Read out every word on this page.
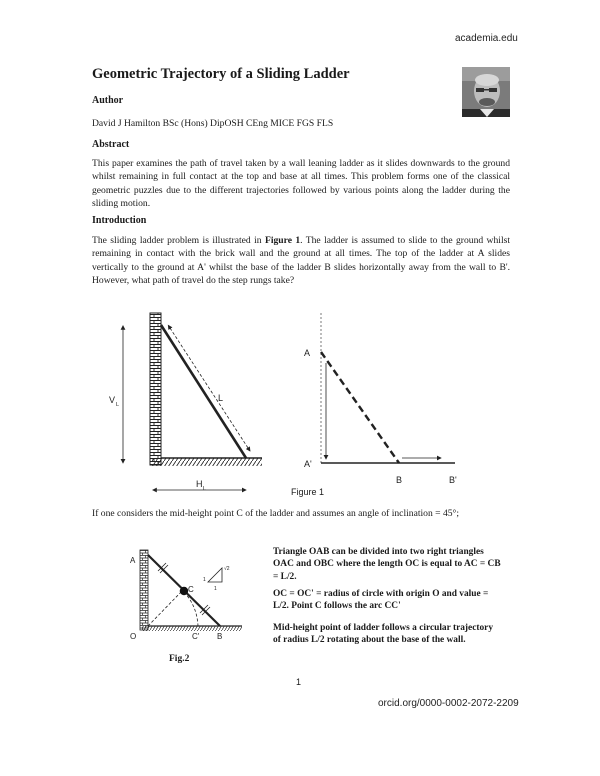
academia.edu
Geometric Trajectory of a Sliding Ladder
Author
David J Hamilton BSc (Hons) DipOSH CEng MICE FGS FLS
Abstract
This paper examines the path of travel taken by a wall leaning ladder as it slides downwards to the ground whilst remaining in full contact at the top and base at all times. This problem forms one of the classical geometric puzzles due to the different trajectories followed by various points along the ladder during the sliding motion.
Introduction
The sliding ladder problem is illustrated in Figure 1. The ladder is assumed to slide to the ground whilst remaining in contact with the brick wall and the ground at all times. The top of the ladder at A slides vertically to the ground at A' whilst the base of the ladder B slides horizontally away from the wall to B'. However, what path of travel do the step rungs take?
L
V L
H L
A
A'
B	B'
Figure 1
If one considers the mid-height point C of the ladder and assumes an angle of inclination = 45°;
√2
1
1
A
C
O	C' B
Fig.2
Triangle OAB can be divided into two right triangles OAC and OBC where the length OC is equal to AC = CB = L/2.
OC = OC' = radius of circle with origin O and value = L/2. Point C follows the arc CC'
Mid-height point of ladder follows a circular trajectory of radius L/2 rotating about the base of the wall.
1
orcid.org/0000-0002-2072-2209
